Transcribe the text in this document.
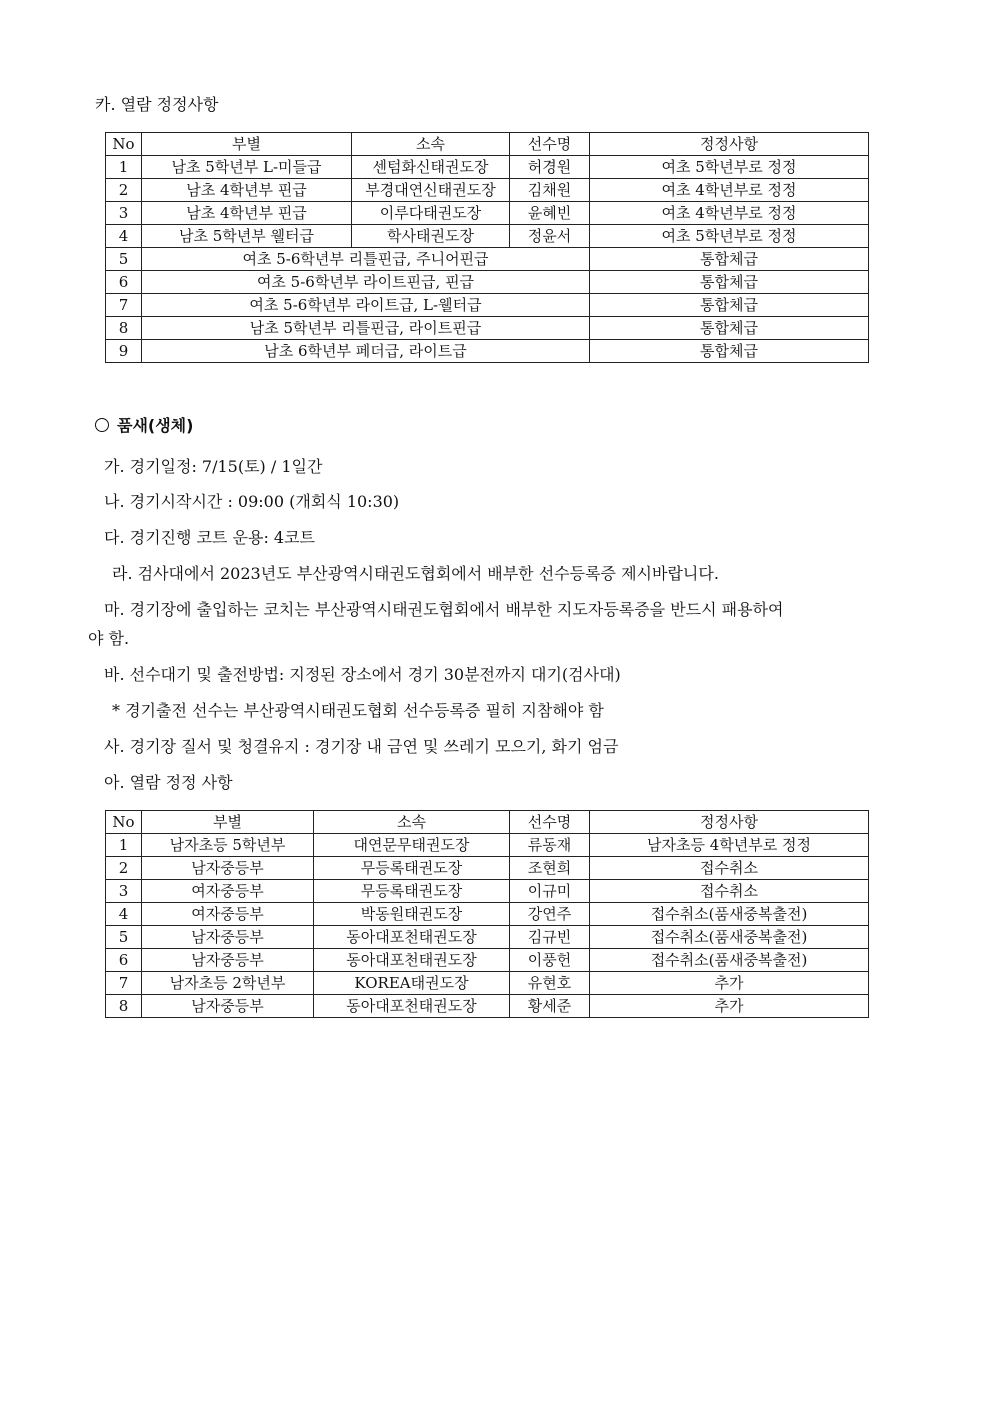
카. 열람 정정사항
No	부별	소속	선수명	정정사항
1	남초 5학년부 L-미들급	센텀화신태권도장	허경원	여초 5학년부로 정정
2	남초 4학년부 핀급	부경대연신태권도장	김채원	여초 4학년부로 정정
3	남초 4학년부 핀급	이루다태권도장	윤혜빈	여초 4학년부로 정정
4	남초 5학년부 웰터급	학사태권도장	정윤서	여초 5학년부로 정정
5	여초 5-6학년부 리틀핀급, 주니어핀급			통합체급
6	여초 5-6학년부 라이트핀급, 핀급			통합체급
7	여초 5-6학년부 라이트급, L-웰터급			통합체급
8	남초 5학년부 리틀핀급, 라이트핀급			통합체급
9	남초 6학년부 페더급, 라이트급			통합체급
품새(생체)
가. 경기일정: 7/15(토) / 1일간
나. 경기시작시간 : 09:00 (개회식 10:30)
다. 경기진행 코트 운용: 4코트
라. 검사대에서 2023년도 부산광역시태권도협회에서 배부한 선수등록증 제시바랍니다.
마. 경기장에 출입하는 코치는 부산광역시태권도협회에서 배부한 지도자등록증을 반드시 패용하여
야 함.
바. 선수대기 및 출전방법: 지정된 장소에서 경기 30분전까지 대기(검사대)
* 경기출전 선수는 부산광역시태권도협회 선수등록증 필히 지참해야 함
사. 경기장 질서 및 청결유지 : 경기장 내 금연 및 쓰레기 모으기, 화기 엄금
아. 열람 정정 사항
No	부별	소속	선수명	정정사항
1	남자초등 5학년부	대연문무태권도장	류동재	남자초등 4학년부로 정정
2	남자중등부	무등록태권도장	조현희	접수취소
3	여자중등부	무등록태권도장	이규미	접수취소
4	여자중등부	박동원태권도장	강연주	접수취소(품새중복출전)
5	남자중등부	동아대포천태권도장	김규빈	접수취소(품새중복출전)
6	남자중등부	동아대포천태권도장	이풍헌	접수취소(품새중복출전)
7	남자초등 2학년부	KOREA태권도장	유현호	추가
8	남자중등부	동아대포천태권도장	황세준	추가
